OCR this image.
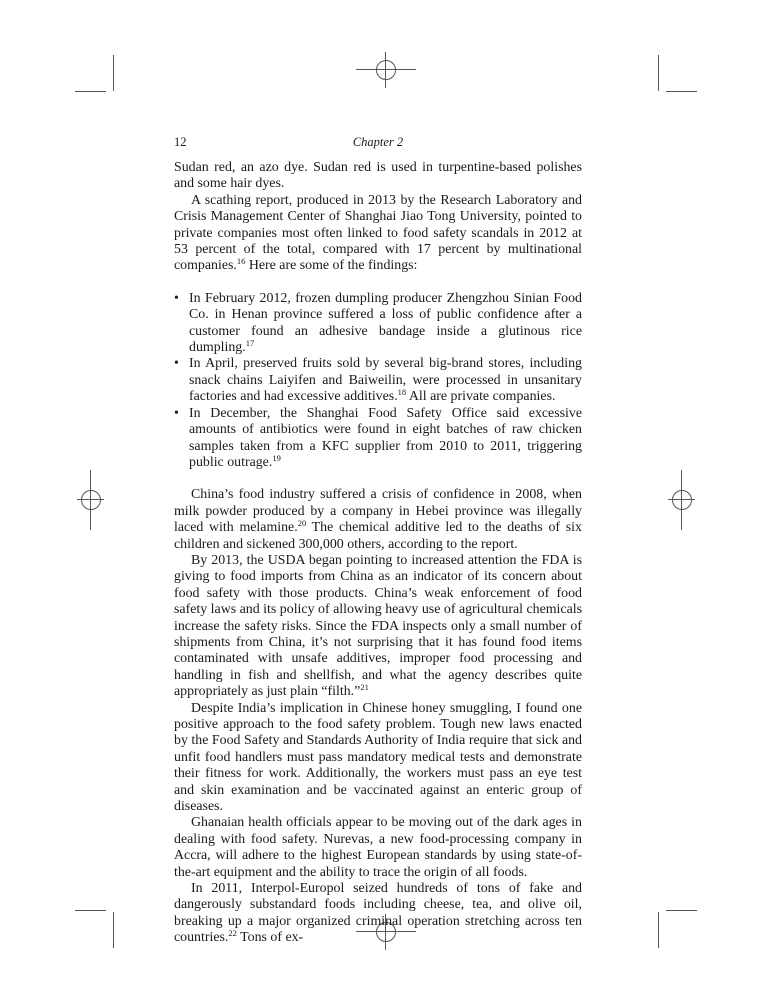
12	Chapter 2

Sudan red, an azo dye. Sudan red is used in turpentine-based polishes and some hair dyes.

A scathing report, produced in 2013 by the Research Laboratory and Crisis Management Center of Shanghai Jiao Tong University, pointed to private companies most often linked to food safety scandals in 2012 at 53 percent of the total, compared with 17 percent by multinational companies.$^{16}$ Here are some of the findings:

• In February 2012, frozen dumpling producer Zhengzhou Sinian Food Co. in Henan province suffered a loss of public confidence after a customer found an adhesive bandage inside a glutinous rice dumpling.$^{17}$
• In April, preserved fruits sold by several big-brand stores, including snack chains Laiyifen and Baiweilin, were processed in unsanitary factories and had excessive additives.$^{18}$ All are private companies.
• In December, the Shanghai Food Safety Office said excessive amounts of antibiotics were found in eight batches of raw chicken samples taken from a KFC supplier from 2010 to 2011, triggering public outrage.$^{19}$

China’s food industry suffered a crisis of confidence in 2008, when milk powder produced by a company in Hebei province was illegally laced with melamine.$^{20}$ The chemical additive led to the deaths of six children and sickened 300,000 others, according to the report.

By 2013, the USDA began pointing to increased attention the FDA is giving to food imports from China as an indicator of its concern about food safety with those products. China’s weak enforcement of food safety laws and its policy of allowing heavy use of agricultural chemicals increase the safety risks. Since the FDA inspects only a small number of shipments from China, it’s not surprising that it has found food items contaminated with unsafe additives, improper food processing and handling in fish and shellfish, and what the agency describes quite appropriately as just plain “filth.”$^{21}$

Despite India’s implication in Chinese honey smuggling, I found one positive approach to the food safety problem. Tough new laws enacted by the Food Safety and Standards Authority of India require that sick and unfit food handlers must pass mandatory medical tests and demonstrate their fitness for work. Additionally, the workers must pass an eye test and skin examination and be vaccinated against an enteric group of diseases.

Ghanaian health officials appear to be moving out of the dark ages in dealing with food safety. Nurevas, a new food-processing company in Accra, will adhere to the highest European standards by using state-of-the-art equipment and the ability to trace the origin of all foods.

In 2011, Interpol-Europol seized hundreds of tons of fake and dangerously substandard foods including cheese, tea, and olive oil, breaking up a major organized criminal operation stretching across ten countries.$^{22}$ Tons of ex-
